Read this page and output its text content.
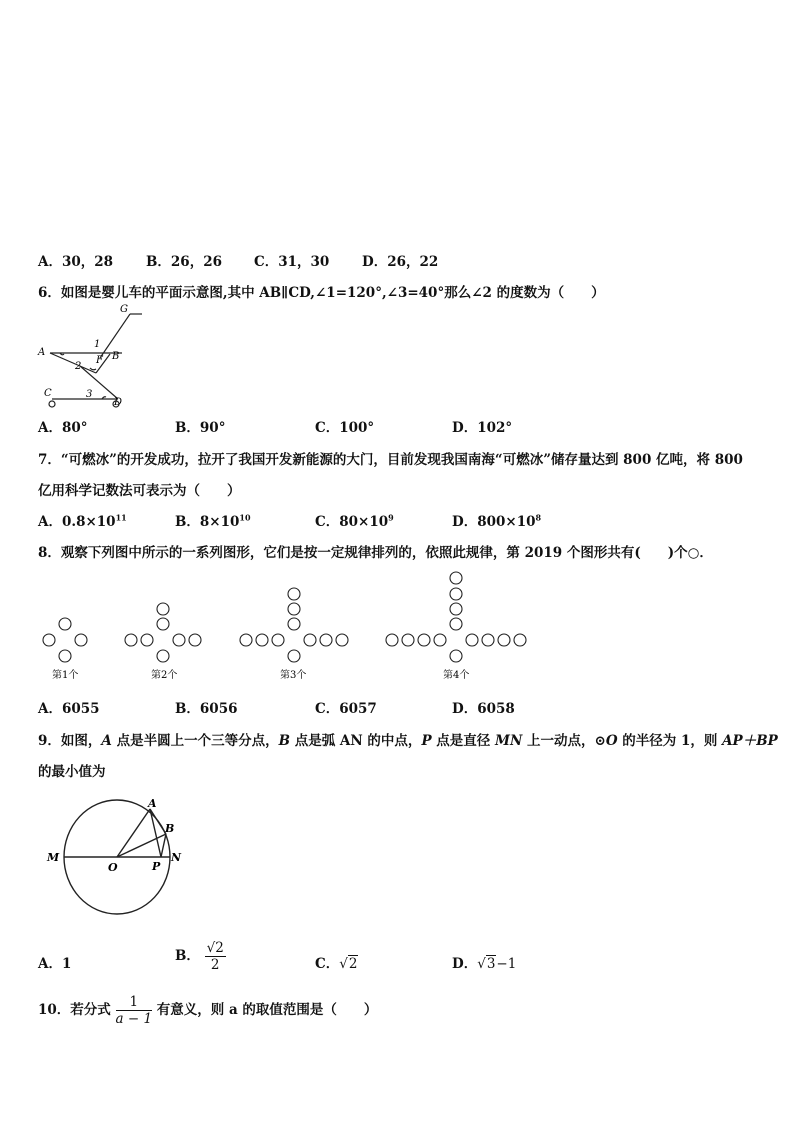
A．30，28 B．26，26 C．31，30 D．26，22
6．如图是婴儿车的平面示意图,其中 AB∥CD,∠1=120°,∠3=40°那么∠2 的度数为（　　）
G
A
1
F B
2
C	3
D
A．80°	B．90°	C．100°	D．102°
7．“可燃冰”的开发成功，拉开了我国开发新能源的大门，目前发现我国南海“可燃冰”储存量达到 800 亿吨，将 800
亿用科学记数法可表示为（　　）
A．$0.8\times 10^{11}$	B．$8\times 10^{10}$	C．$80\times 10^9$	D．$800\times 10^8$
8．观察下列图中所示的一系列图形，它们是按一定规律排列的，依照此规律，第 2019 个图形共有(　　)个○．
第1个	第2个	第3个	第4个
A．6055	B．6056	C．6057	D．6058
9．如图，A 点是半圆上一个三等分点，B 点是弧 AN 的中点，P 点是直径 MN 上一动点，⊙O 的半径为 1，则 AP＋BP
的最小值为
A
B
M
O	P
N
A．1	B． $\frac{√2}{2}$	C．√2	D．√3−1
10．若分式 $\frac{1}{a - 1}$ 有意义，则 a 的取值范围是（　　）
